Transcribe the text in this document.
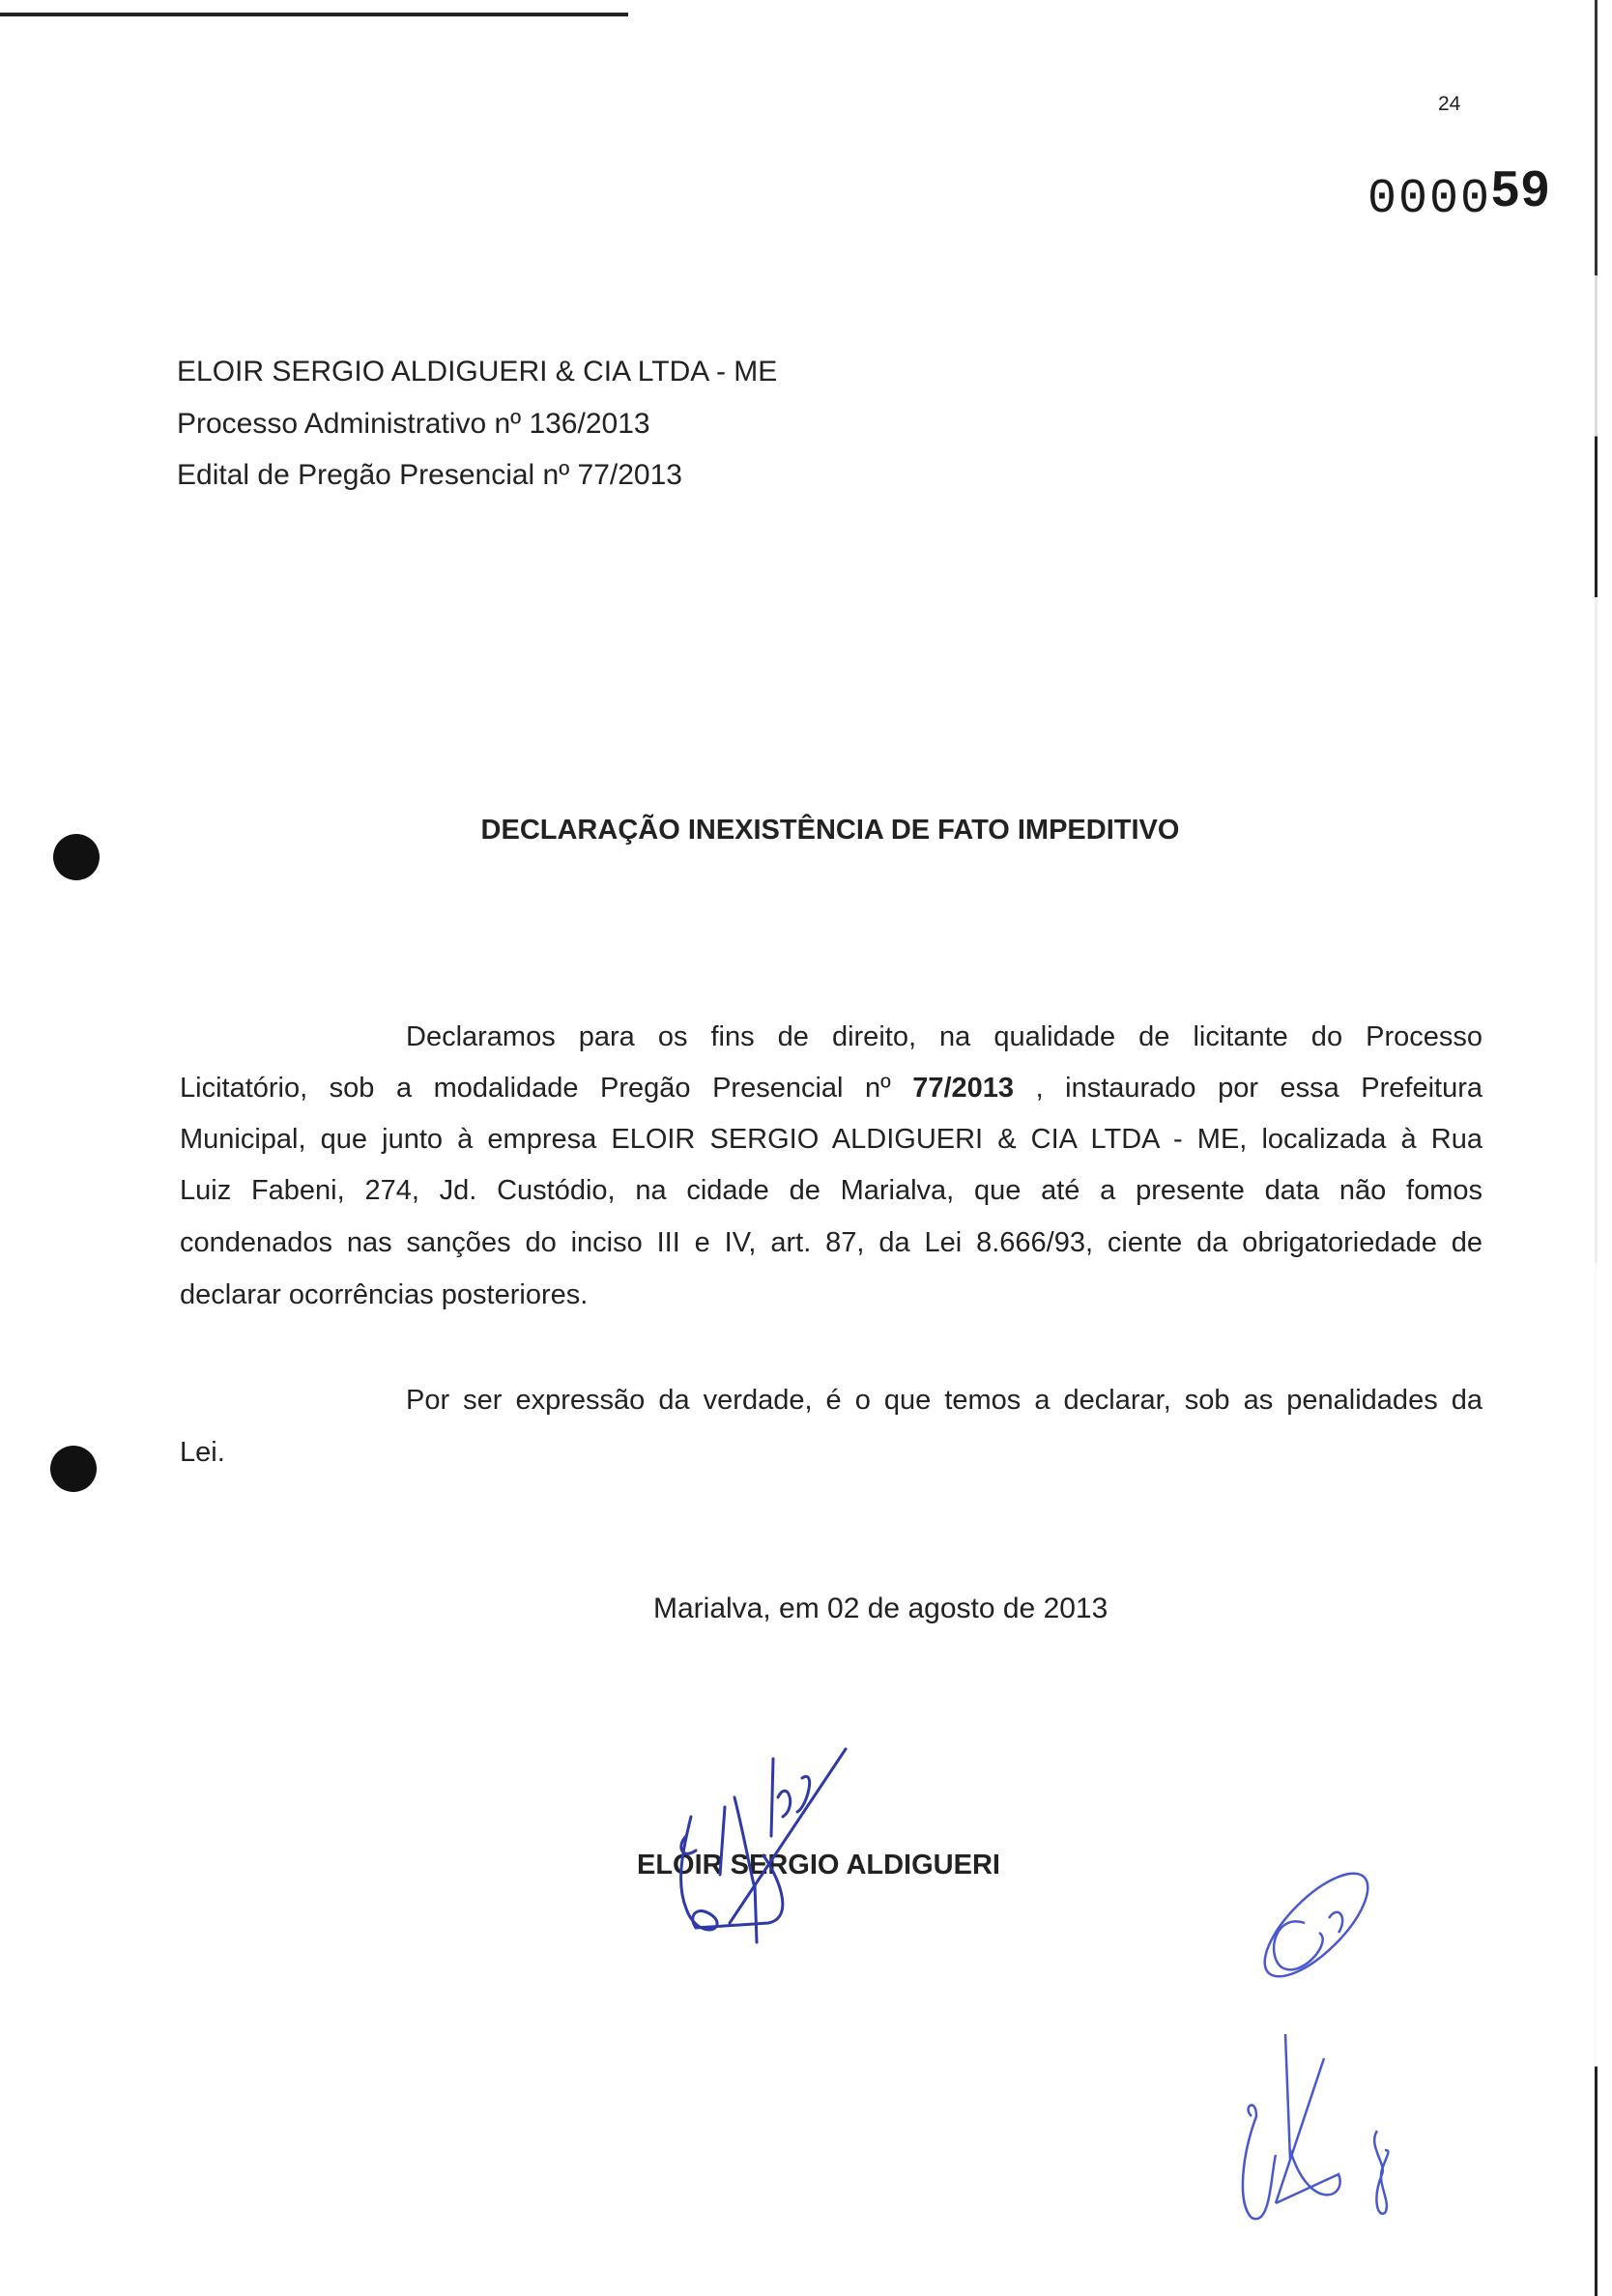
24
000059
ELOIR SERGIO ALDIGUERI & CIA LTDA - ME
Processo Administrativo nº 136/2013
Edital de Pregão Presencial nº 77/2013
DECLARAÇÃO INEXISTÊNCIA DE FATO IMPEDITIVO
Declaramos para os fins de direito, na qualidade de licitante do Processo
Licitatório, sob a modalidade Pregão Presencial nº 77/2013 , instaurado por essa Prefeitura
Municipal, que junto à empresa ELOIR SERGIO ALDIGUERI & CIA LTDA - ME, localizada à Rua
Luiz Fabeni, 274, Jd. Custódio, na cidade de Marialva, que até a presente data não fomos
condenados nas sanções do inciso III e IV, art. 87, da Lei 8.666/93, ciente da obrigatoriedade de
declarar ocorrências posteriores.
Por ser expressão da verdade, é o que temos a declarar, sob as penalidades da
Lei.
Marialva, em 02 de agosto de 2013
ELOIR SERGIO ALDIGUERI
